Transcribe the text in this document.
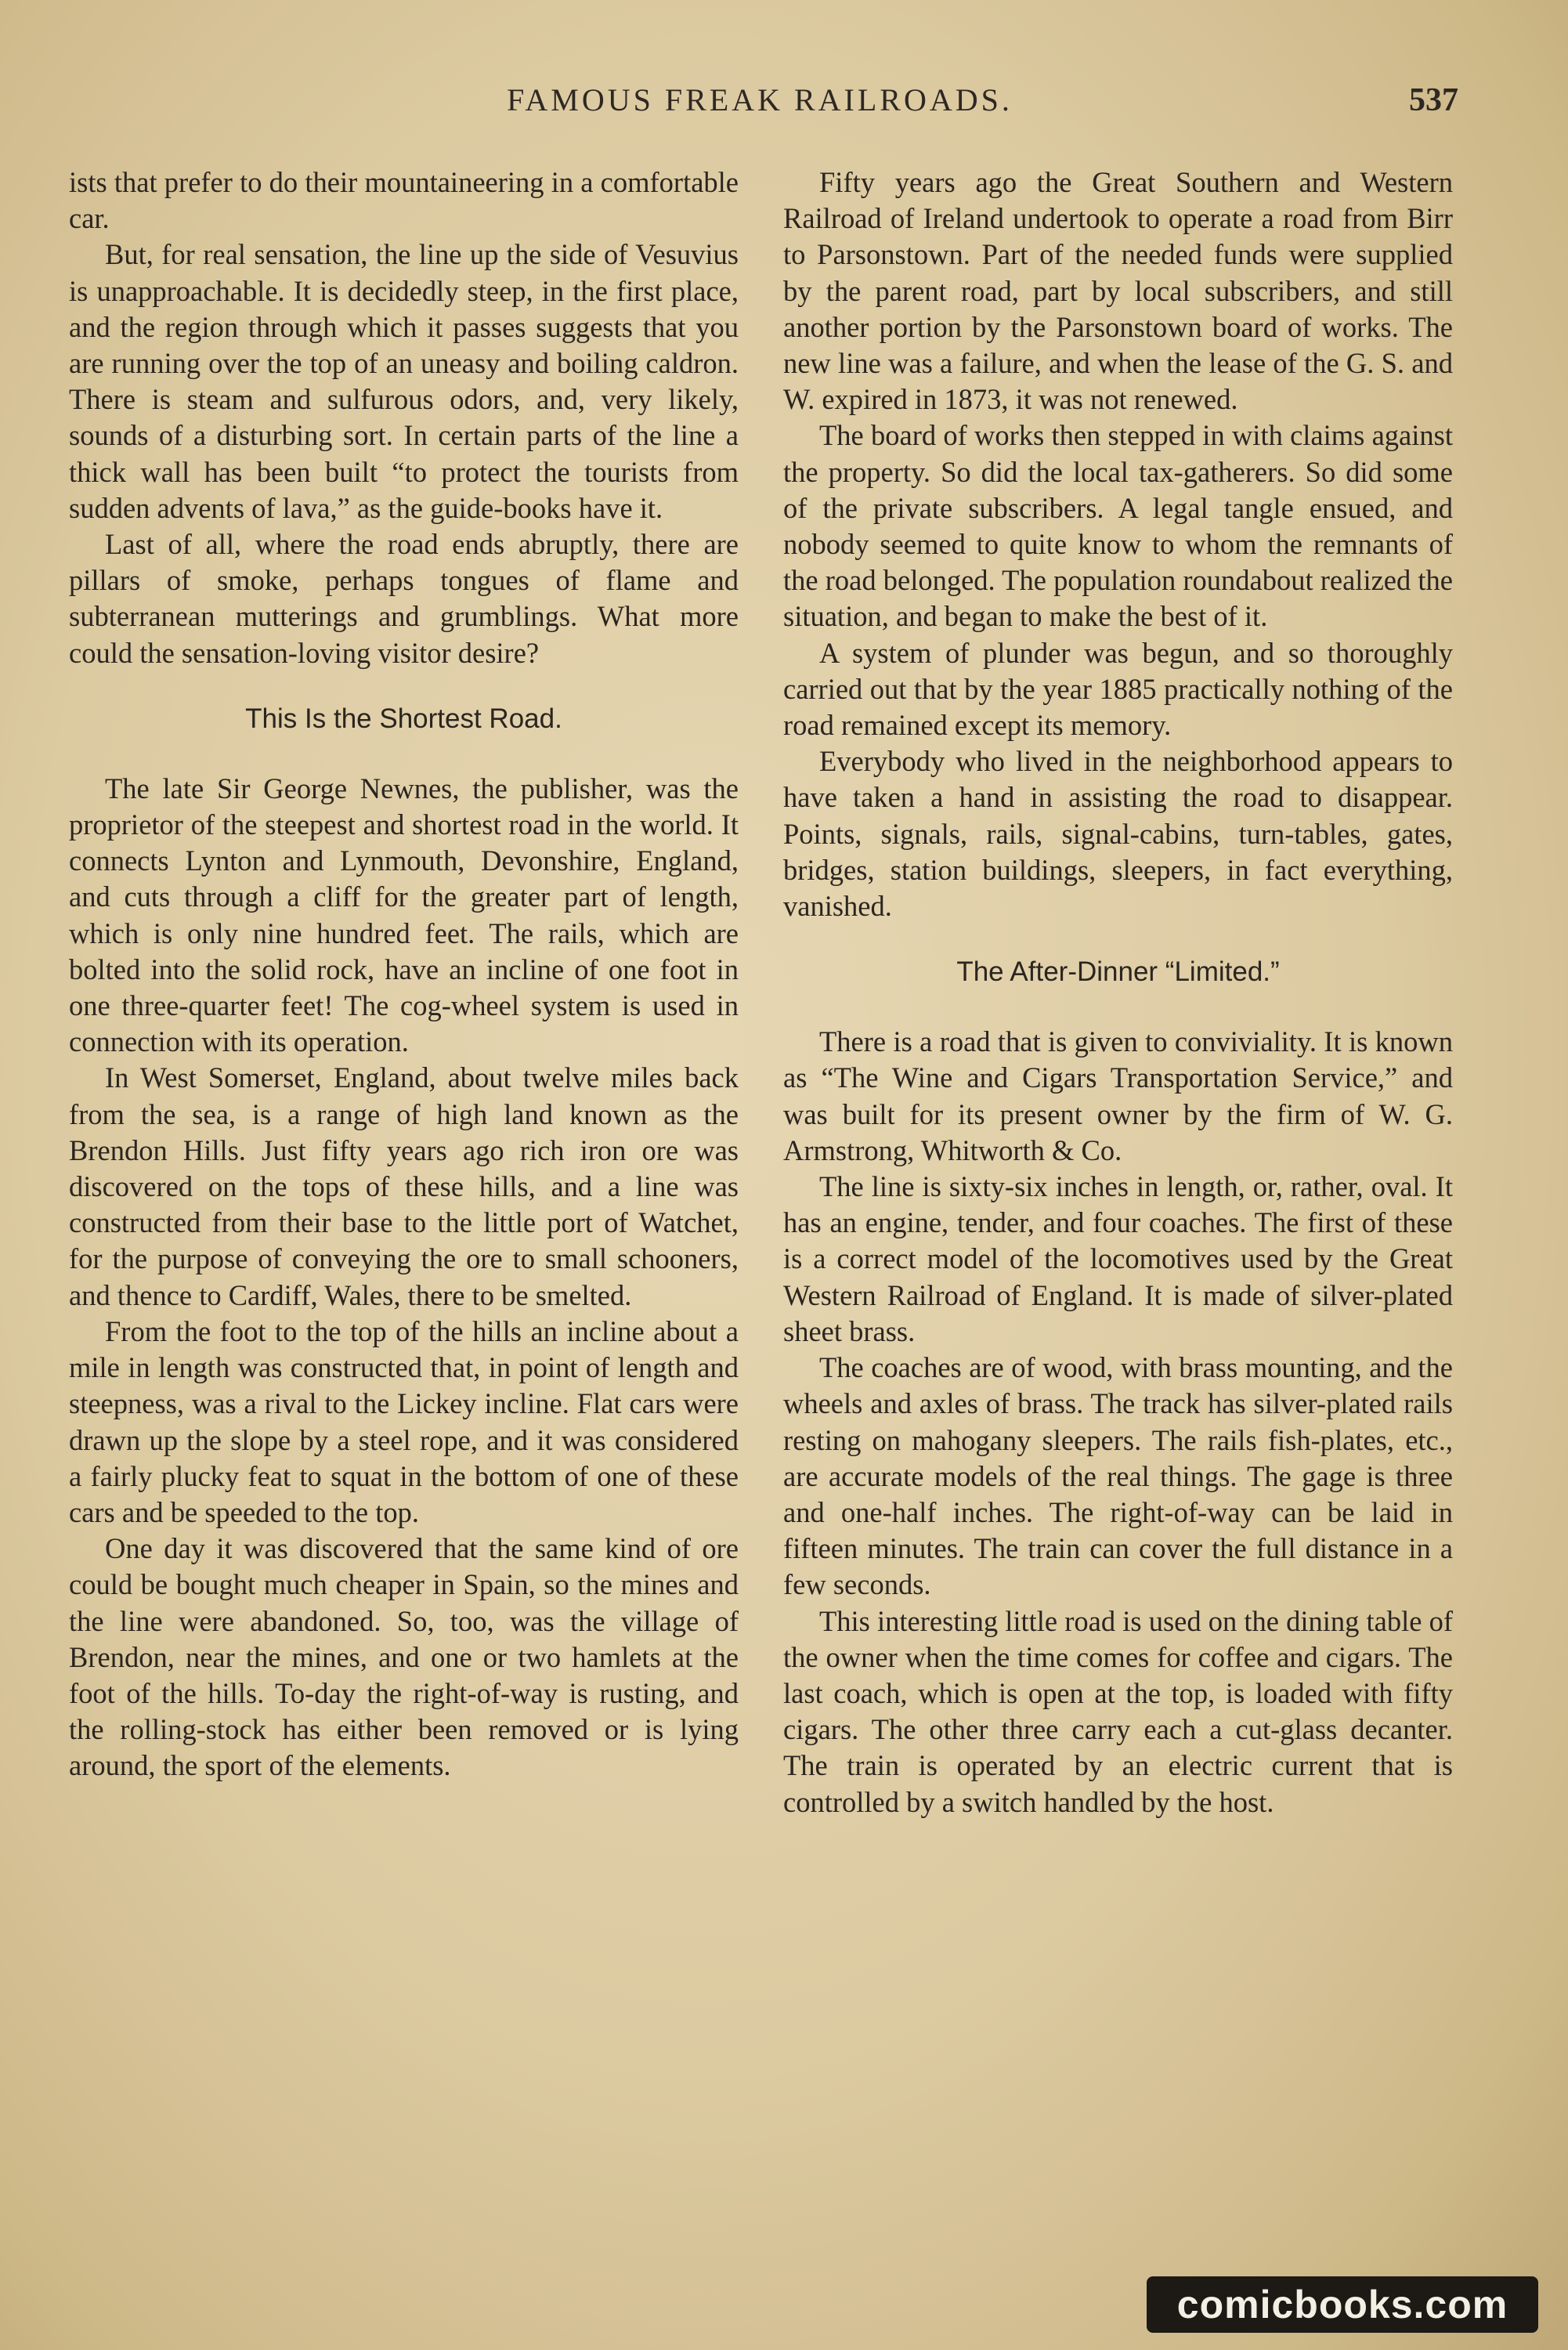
FAMOUS FREAK RAILROADS.	537

ists that prefer to do their mountaineering in a comfortable car.

But, for real sensation, the line up the side of Vesuvius is unapproachable. It is decidedly steep, in the first place, and the region through which it passes suggests that you are running over the top of an uneasy and boiling caldron. There is steam and sulfurous odors, and, very likely, sounds of a disturbing sort. In certain parts of the line a thick wall has been built “to protect the tourists from sudden advents of lava,” as the guide-books have it.

Last of all, where the road ends abruptly, there are pillars of smoke, perhaps tongues of flame and subterranean mutterings and grumblings. What more could the sensation-loving visitor desire?

This Is the Shortest Road.

The late Sir George Newnes, the publisher, was the proprietor of the steepest and shortest road in the world. It connects Lynton and Lynmouth, Devonshire, England, and cuts through a cliff for the greater part of length, which is only nine hundred feet. The rails, which are bolted into the solid rock, have an incline of one foot in one three-quarter feet! The cog-wheel system is used in connection with its operation.

In West Somerset, England, about twelve miles back from the sea, is a range of high land known as the Brendon Hills. Just fifty years ago rich iron ore was discovered on the tops of these hills, and a line was constructed from their base to the little port of Watchet, for the purpose of conveying the ore to small schooners, and thence to Cardiff, Wales, there to be smelted.

From the foot to the top of the hills an incline about a mile in length was constructed that, in point of length and steepness, was a rival to the Lickey incline. Flat cars were drawn up the slope by a steel rope, and it was considered a fairly plucky feat to squat in the bottom of one of these cars and be speeded to the top.

One day it was discovered that the same kind of ore could be bought much cheaper in Spain, so the mines and the line were abandoned. So, too, was the village of Brendon, near the mines, and one or two hamlets at the foot of the hills. To-day the right-of-way is rusting, and the rolling-stock has either been removed or is lying around, the sport of the elements.

Fifty years ago the Great Southern and Western Railroad of Ireland undertook to operate a road from Birr to Parsonstown. Part of the needed funds were supplied by the parent road, part by local subscribers, and still another portion by the Parsonstown board of works. The new line was a failure, and when the lease of the G. S. and W. expired in 1873, it was not renewed.

The board of works then stepped in with claims against the property. So did the local tax-gatherers. So did some of the private subscribers. A legal tangle ensued, and nobody seemed to quite know to whom the remnants of the road belonged. The population roundabout realized the situation, and began to make the best of it.

A system of plunder was begun, and so thoroughly carried out that by the year 1885 practically nothing of the road remained except its memory.

Everybody who lived in the neighborhood appears to have taken a hand in assisting the road to disappear. Points, signals, rails, signal-cabins, turn-tables, gates, bridges, station buildings, sleepers, in fact everything, vanished.

The After-Dinner “Limited.”

There is a road that is given to conviviality. It is known as “The Wine and Cigars Transportation Service,” and was built for its present owner by the firm of W. G. Armstrong, Whitworth & Co.

The line is sixty-six inches in length, or, rather, oval. It has an engine, tender, and four coaches. The first of these is a correct model of the locomotives used by the Great Western Railroad of England. It is made of silver-plated sheet brass.

The coaches are of wood, with brass mounting, and the wheels and axles of brass. The track has silver-plated rails resting on mahogany sleepers. The rails fish-plates, etc., are accurate models of the real things. The gage is three and one-half inches. The right-of-way can be laid in fifteen minutes. The train can cover the full distance in a few seconds.

This interesting little road is used on the dining table of the owner when the time comes for coffee and cigars. The last coach, which is open at the top, is loaded with fifty cigars. The other three carry each a cut-glass decanter. The train is operated by an electric current that is controlled by a switch handled by the host.

comicbooks.com
